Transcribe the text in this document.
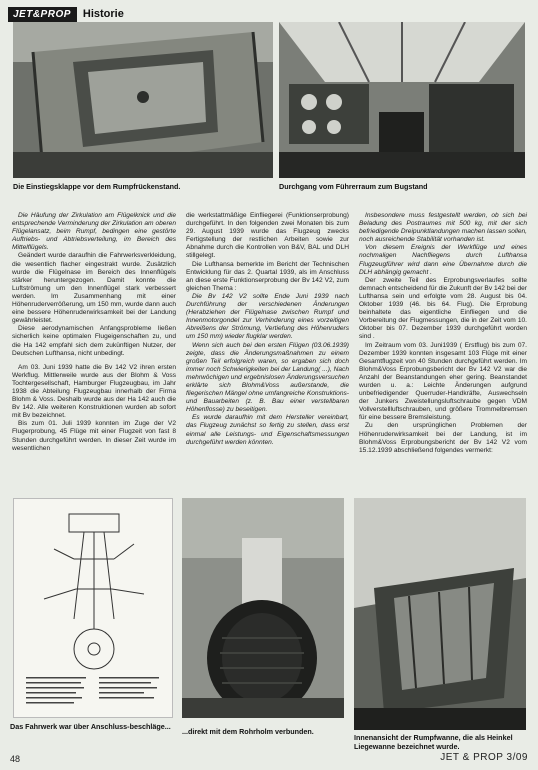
JET&PROP	Historie
Die Einstiegsklappe vor dem Rumpfrückenstand.	Durchgang vom Führerraum zum Bugstand

Die Häufung der Zirkulation am Flügelknick und die entsprechende Verminderung der Zirkulation am oberen Flügelansatz, beim Rumpf, bedingen eine gestörte Auftriebs- und Abtriebsverteilung, im Bereich des Mittelflügels.

Geändert wurde daraufhin die Fahrwerksverkleidung, die wesentlich flacher eingestrakt wurde. Zusätzlich wurde die Flügelnase im Bereich des Innenflügels stärker heruntergezogen. Damit konnte die Luftströmung um den Innenflügel stark verbessert werden. Im Zusammenhang mit einer Höhenruderverrößerung, um 150 mm, wurde dann auch eine bessere Höhenruderwirksamkeit bei der Landung gewährleistet.

Diese aerodynamischen Anfangsprobleme ließen sicherlich keine optimalen Flugeigenschaften zu, und die Ha 142 empfahl sich dem zukünftigen Nutzer, der Deutschen Lufthansa, nicht unbedingt.

Am 03. Juni 1939 hatte die Bv 142 V2 ihren ersten Werkflug. Mittlerweile wurde aus der Blohm & Voss Tochtergesellschaft, Hamburger Flugzeugbau, im Jahr 1938 die Abteilung Flugzeugbau innerhalb der Firma Blohm & Voss. Deshalb wurde aus der Ha 142 auch die Bv 142. Alle weiteren Konstruktionen wurden ab sofort mit Bv bezeichnet.

Bis zum 01. Juli 1939 konnten im Zuge der V2 Flugerprobung, 45 Flüge mit einer Flugzeit von fast 8 Stunden durchgeführt werden. In dieser Zeit wurde im wesentlichen

die werkstattmäßige Einfliegerei (Funktionserprobung) durchgeführt. In den folgenden zwei Monaten bis zum 29. August 1939 wurde das Flugzeug zwecks Fertigstellung der restlichen Arbeiten sowie zur Abnahme durch die Kontrollen von B&V, BAL und DLH stillgelegt.

Die Lufthansa bemerkte im Bericht der Technischen Entwicklung für das 2. Quartal 1939, als im Anschluss an diese erste Funktionserprobung der Bv 142 V2, zum gleichen Thema :

Die Bv 142 V2 sollte Ende Juni 1939 nach Durchführung der verschiedenen Änderungen (Herabziehen der Flügelnase zwischen Rumpf und Innenmotorgondel zur Verhinderung eines vorzeitigen Abreißens der Strömung, Vertiefung des Höhenruders um 150 mm) wieder flugklar werden.

Wenn sich auch bei den ersten Flügen (03.06.1939) zeigte, dass die Änderungsmaßnahmen zu einem großen Teil erfolgreich waren, so ergaben sich doch immer noch Schwierigkeiten bei der Landung( ...), Nach mehrwöchigen und ergebnislosen Änderungsversuchen erklärte sich Blohm&Voss außerstande, die fliegerischen Mängel ohne umfangreiche Konstruktions- und Bauarbeiten (z. B. Bau einer verstellbaren Höhenflosse) zu beseitigen.

Es wurde daraufhin mit dem Hersteller vereinbart, das Flugzeug zunächst so fertig zu stellen, dass erst einmal alle Leistungs- und Eigenschaftsmessungen durchgeführt werden könnten.

Insbesondere muss festgestellt werden, ob sich bei Beladung des Postraumes mit 500 kg, mit der sich befriedigende Dreipunktlandungen machen lassen sollen, noch ausreichende Stabilität vorhanden ist.

Von diesem Ereignis der Werkflüge und eines nochmaligen Nachfliegens durch Lufthansa Flugzeugführer wird dann eine Übernahme durch die DLH abhängig gemacht .

Der zweite Teil des Erprobungsverlaufes sollte demnach entscheidend für die Zukunft der Bv 142 bei der Lufthansa sein und erfolgte vom 28. August bis 04. Oktober 1939 (46. bis 64. Flug). Die Erprobung beinhaltete das eigentliche Einfliegen und die Vorbereitung der Flugmessungen, die in der Zeit vom 10. Oktober bis 07. Dezember 1939 durchgeführt worden sind .

Im Zeitraum vom 03. Juni1939 ( Erstflug) bis zum 07. Dezember 1939 konnten insgesamt 103 Flüge mit einer Gesamtflugzeit von 40 Stunden durchgeführt werden. Im Blohm&Voss Erprobungsbericht der Bv 142 V2 war die Anzahl der Beanstandungen eher gering. Beanstandet wurden u. a.: Leichte Änderungen aufgrund unbefriedigender Querruder-Handkräfte, Auswechseln der Junkers Zweistellungsluftschraube gegen VDM Vollverstellluftschrauben, und größere Trommelbremsen für eine bessere Bremsleistung.

Zu den ursprünglichen Problemen der Höhenruderwirksamkeit bei der Landung, ist im Blohm&Voss Erprobungsbericht der Bv 142 V2 vom 15.12.1939 abschließend folgendes vermerkt:

Das Fahrwerk war über Anschluss-beschläge...
...direkt mit dem Rohrholm verbunden.
Innenansicht der Rumpfwanne, die als Heinkel Liegewanne bezeichnet wurde.
48	JET & PROP 3/09
